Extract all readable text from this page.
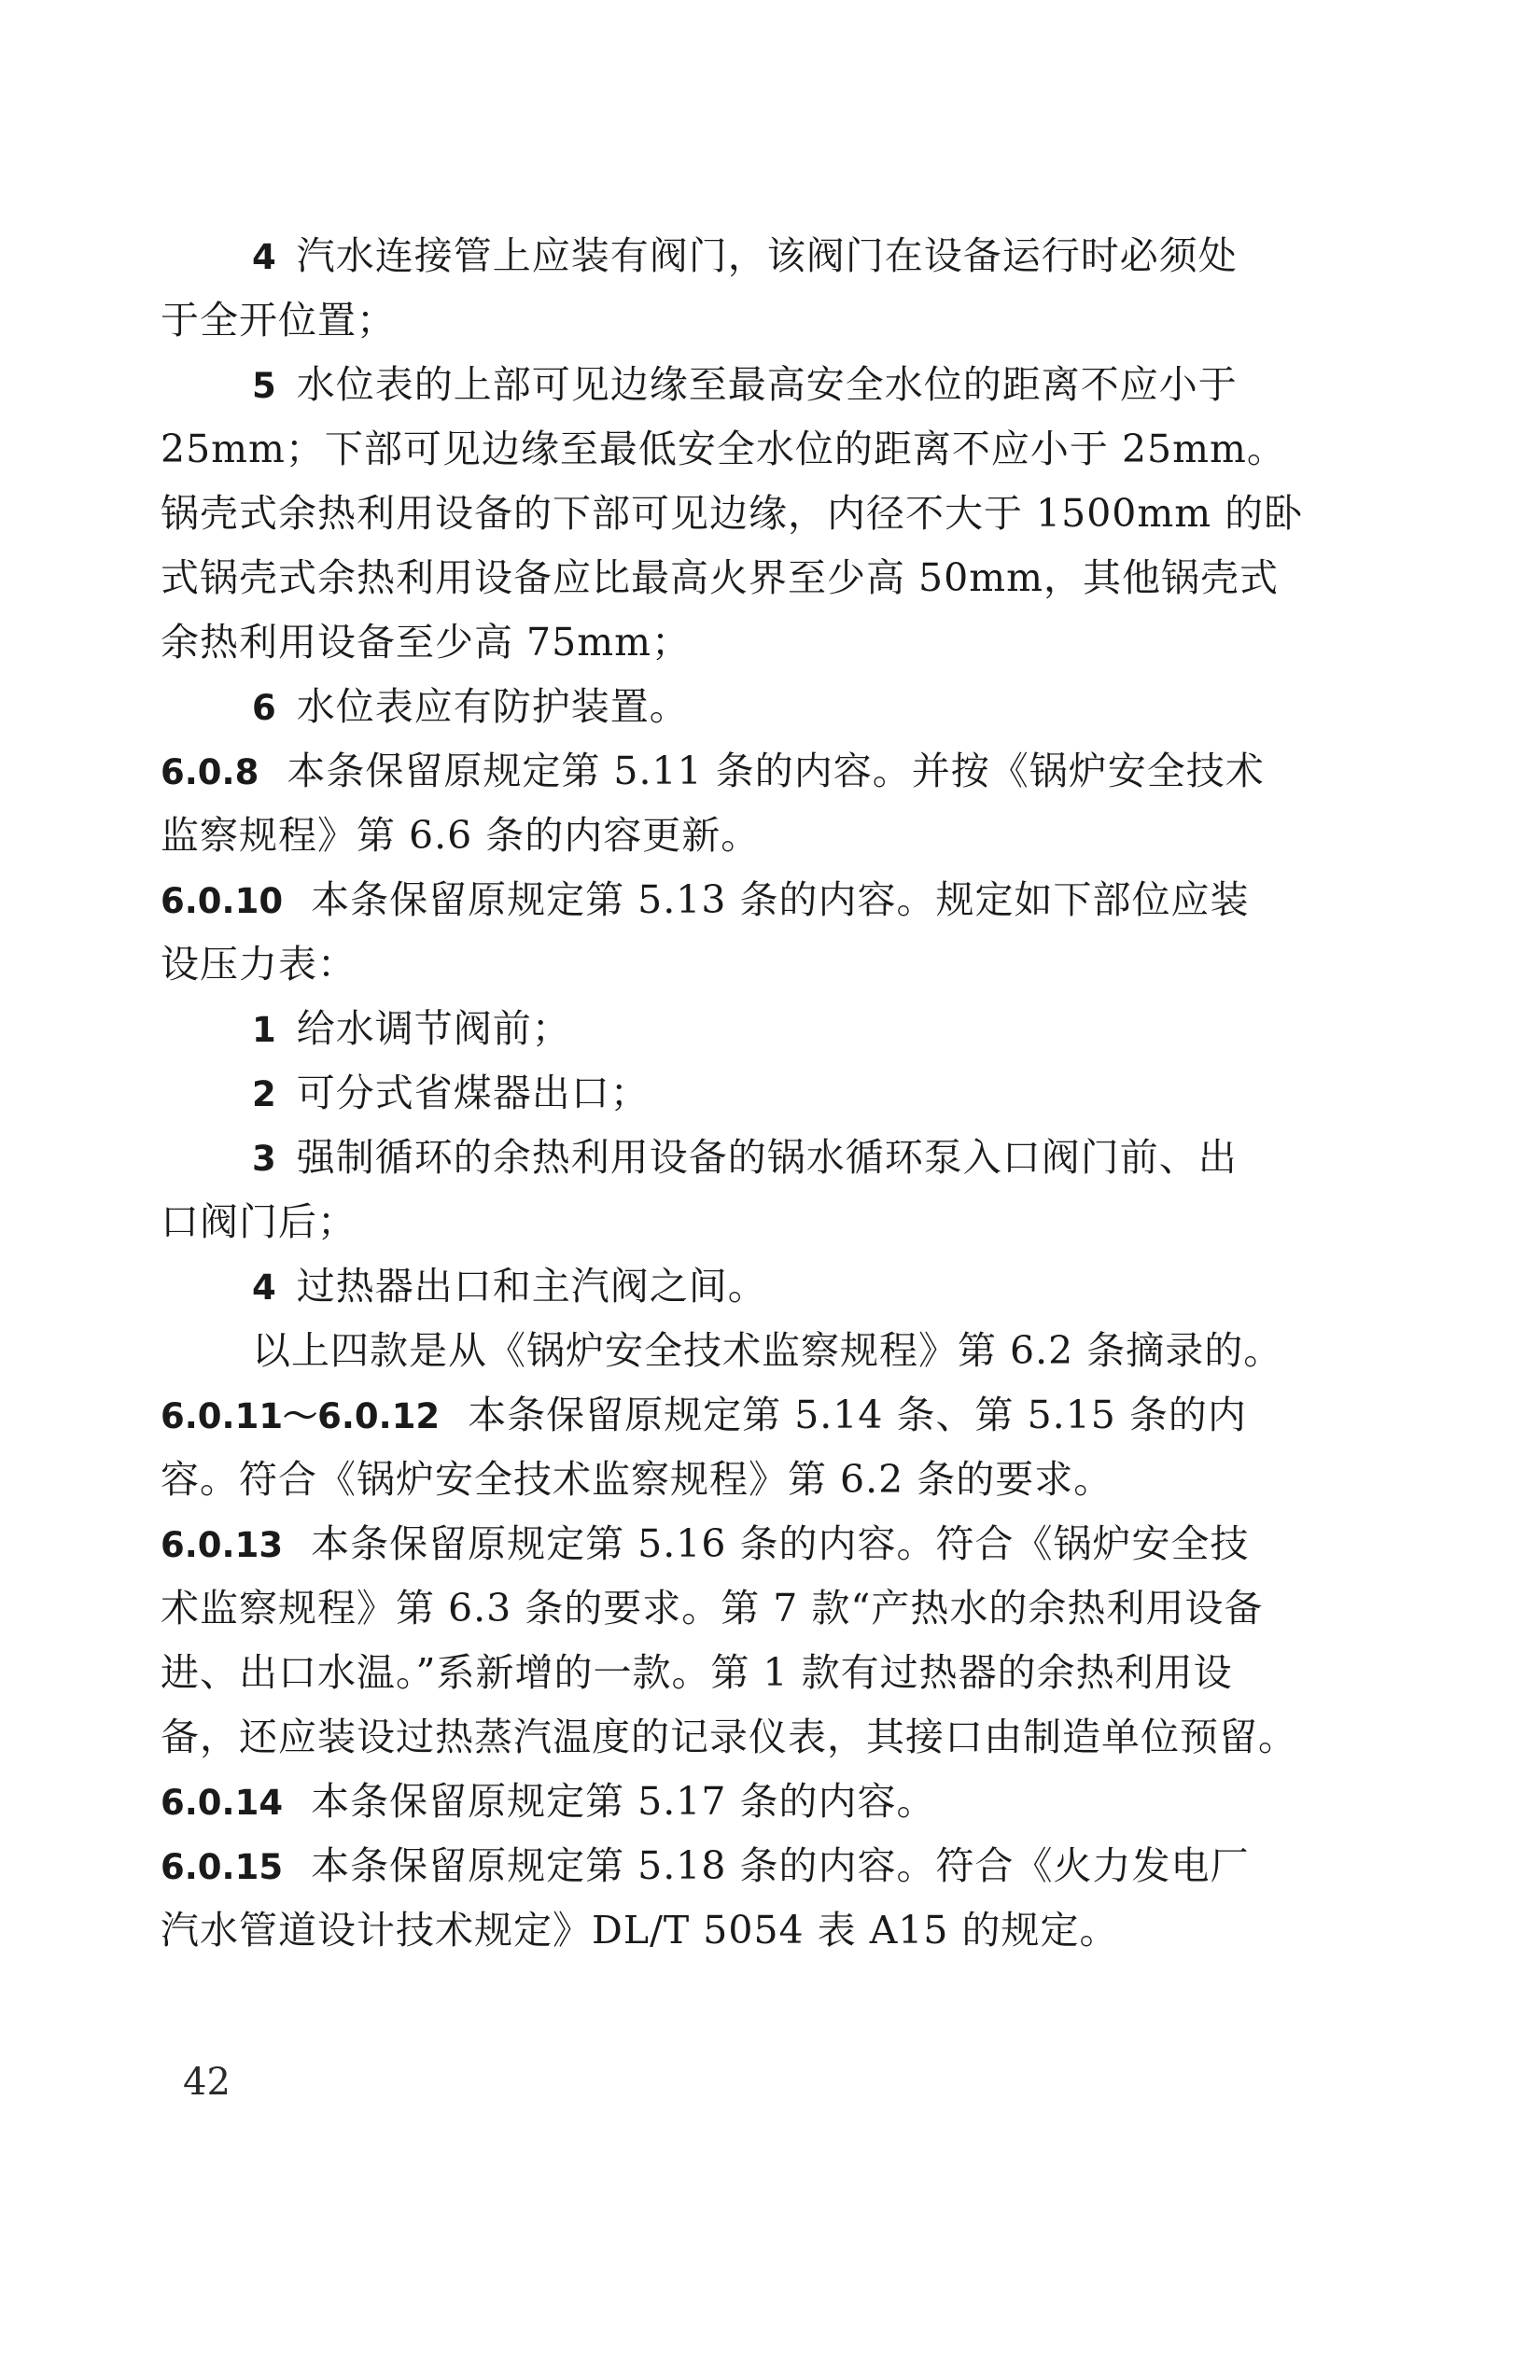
4 汽水连接管上应装有阀门，该阀门在设备运行时必须处
于全开位置；
5 水位表的上部可见边缘至最高安全水位的距离不应小于
25mm；下部可见边缘至最低安全水位的距离不应小于 25mm。
锅壳式余热利用设备的下部可见边缘，内径不大于 1500mm 的卧
式锅壳式余热利用设备应比最高火界至少高 50mm，其他锅壳式
余热利用设备至少高 75mm；
6 水位表应有防护装置。
6.0.8 本条保留原规定第 5.11 条的内容。并按《锅炉安全技术
监察规程》第 6.6 条的内容更新。
6.0.10 本条保留原规定第 5.13 条的内容。规定如下部位应装
设压力表：
1 给水调节阀前；
2 可分式省煤器出口；
3 强制循环的余热利用设备的锅水循环泵入口阀门前、出
口阀门后；
4 过热器出口和主汽阀之间。
以上四款是从《锅炉安全技术监察规程》第 6.2 条摘录的。
6.0.11～6.0.12 本条保留原规定第 5.14 条、第 5.15 条的内
容。符合《锅炉安全技术监察规程》第 6.2 条的要求。
6.0.13 本条保留原规定第 5.16 条的内容。符合《锅炉安全技
术监察规程》第 6.3 条的要求。第 7 款“产热水的余热利用设备
进、出口水温。”系新增的一款。第 1 款有过热器的余热利用设
备，还应装设过热蒸汽温度的记录仪表，其接口由制造单位预留。
6.0.14 本条保留原规定第 5.17 条的内容。
6.0.15 本条保留原规定第 5.18 条的内容。符合《火力发电厂
汽水管道设计技术规定》DL/T 5054 表 A15 的规定。
42
